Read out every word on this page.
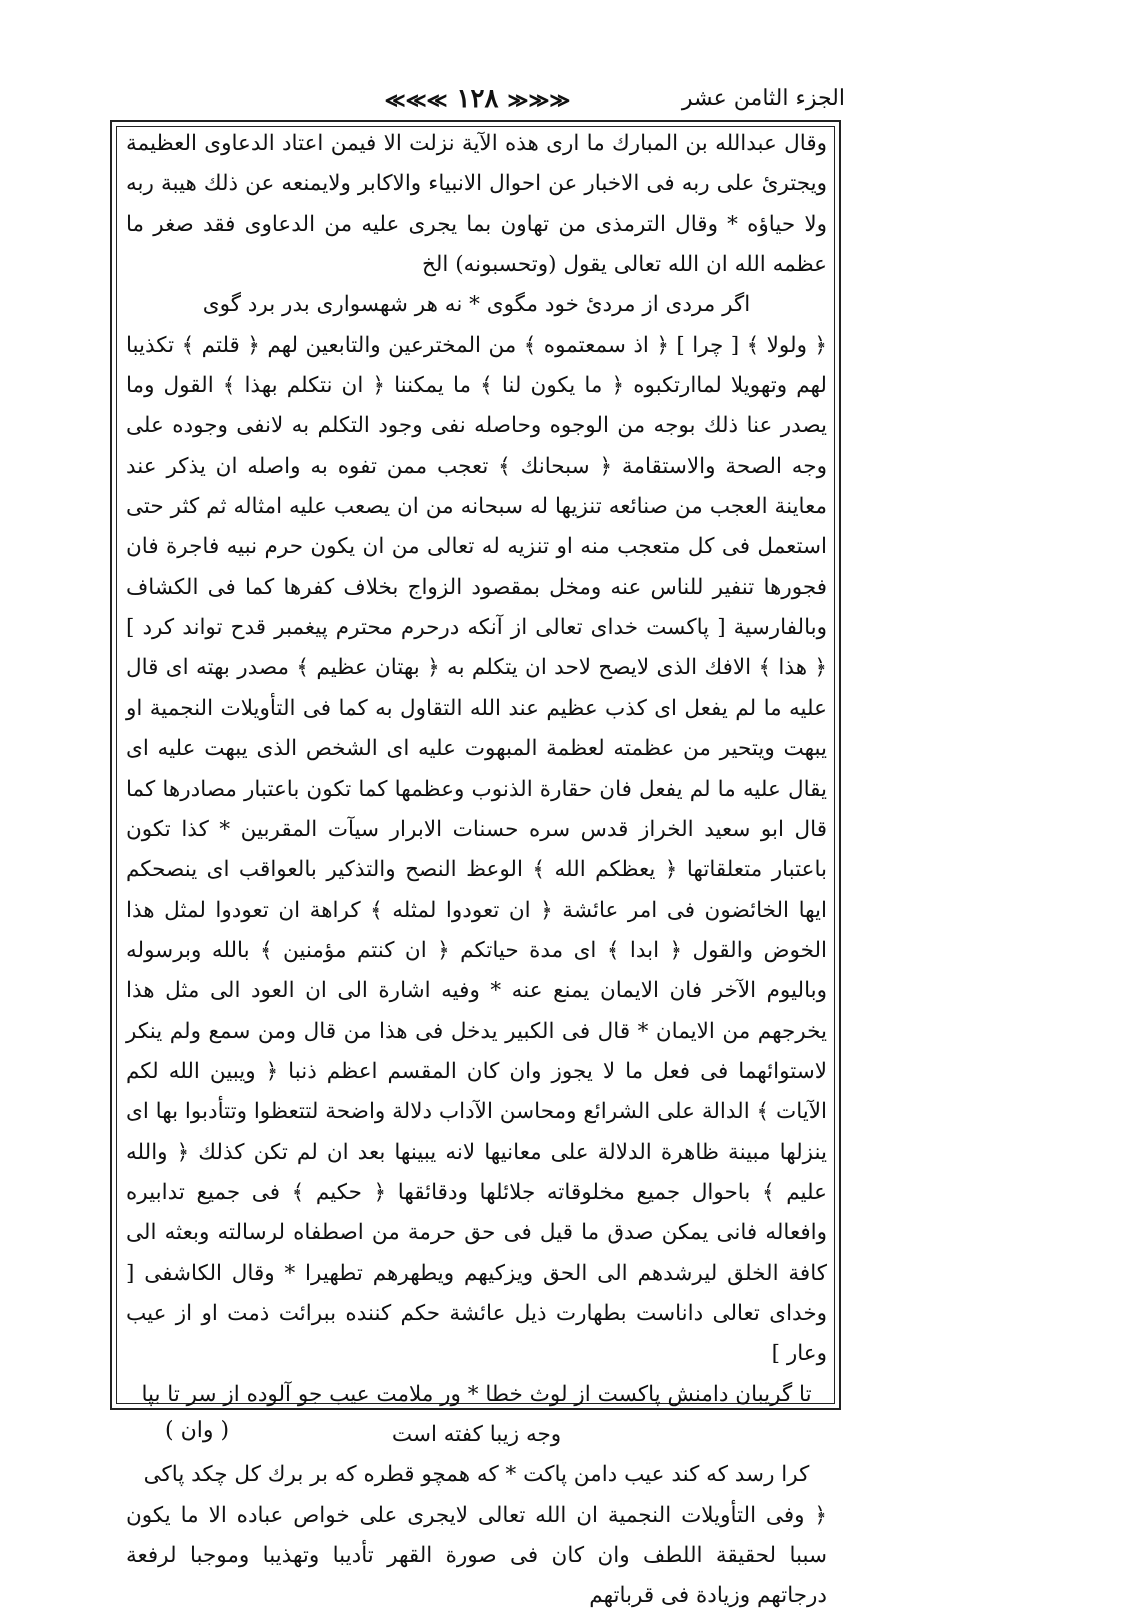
الجزء الثامن عشر
≪≪≪ ١٢٨ ≫≫≫

وقال عبدالله بن المبارك ما ارى هذه الآية نزلت الا فيمن اعتاد الدعاوى العظيمة ويجترئ على ربه فى الاخبار عن احوال الانبياء والاكابر ولايمنعه عن ذلك هيبة ربه ولا حياؤه * وقال الترمذى من تهاون بما يجرى عليه من الدعاوى فقد صغر ما عظمه الله ان الله تعالى يقول (وتحسبونه) الخ

اگر مردى از مردئ خود مگوى * نه هر شهسوارى بدر برد گوى

﴿ ولولا ﴾ [ چرا ] ﴿ اذ سمعتموه ﴾ من المخترعين والتابعين لهم ﴿ قلتم ﴾ تكذيبا لهم وتهويلا لماارتكبوه ﴿ ما يكون لنا ﴾ ما يمكننا ﴿ ان نتكلم بهذا ﴾ القول وما يصدر عنا ذلك بوجه من الوجوه وحاصله نفى وجود التكلم به لانفى وجوده على وجه الصحة والاستقامة ﴿ سبحانك ﴾ تعجب ممن تفوه به واصله ان يذكر عند معاينة العجب من صنائعه تنزيها له سبحانه من ان يصعب عليه امثاله ثم كثر حتى استعمل فى كل متعجب منه او تنزيه له تعالى من ان يكون حرم نبيه فاجرة فان فجورها تنفير للناس عنه ومخل بمقصود الزواج بخلاف كفرها كما فى الكشاف وبالفارسية [ پاكست خداى تعالى از آنكه درحرم محترم پيغمبر قدح تواند كرد ] ﴿ هذا ﴾ الافك الذى لايصح لاحد ان يتكلم به ﴿ بهتان عظيم ﴾ مصدر بهته اى قال عليه ما لم يفعل اى كذب عظيم عند الله التقاول به كما فى التأويلات النجمية او يبهت ويتحير من عظمته لعظمة المبهوت عليه اى الشخص الذى يبهت عليه اى يقال عليه ما لم يفعل فان حقارة الذنوب وعظمها كما تكون باعتبار مصادرها كما قال ابو سعيد الخراز قدس سره حسنات الابرار سيآت المقربين * كذا تكون باعتبار متعلقاتها ﴿ يعظكم الله ﴾ الوعظ النصح والتذكير بالعواقب اى ينصحكم ايها الخائضون فى امر عائشة ﴿ ان تعودوا لمثله ﴾ كراهة ان تعودوا لمثل هذا الخوض والقول ﴿ ابدا ﴾ اى مدة حياتكم ﴿ ان كنتم مؤمنين ﴾ بالله وبرسوله وباليوم الآخر فان الايمان يمنع عنه * وفيه اشارة الى ان العود الى مثل هذا يخرجهم من الايمان * قال فى الكبير يدخل فى هذا من قال ومن سمع ولم ينكر لاستوائهما فى فعل ما لا يجوز وان كان المقسم اعظم ذنبا ﴿ ويبين الله لكم الآيات ﴾ الدالة على الشرائع ومحاسن الآداب دلالة واضحة لتتعظوا وتتأدبوا بها اى ينزلها مبينة ظاهرة الدلالة على معانيها لانه يبينها بعد ان لم تكن كذلك ﴿ والله عليم ﴾ باحوال جميع مخلوقاته جلائلها ودقائقها ﴿ حكيم ﴾ فى جميع تدابيره وافعاله فانى يمكن صدق ما قيل فى حق حرمة من اصطفاه لرسالته وبعثه الى كافة الخلق ليرشدهم الى الحق ويزكيهم ويطهرهم تطهيرا * وقال الكاشفى [ وخداى تعالى داناست بطهارت ذيل عائشة حكم كننده ببرائت ذمت او از عيب وعار ]

تا گريبان دامنش پاكست از لوث خطا * ور ملامت عيب جو آلوده از سر تا بپا

وجه زيبا كفته است

كرا رسد كه كند عيب دامن پاكت * كه همچو قطره كه بر برك كل چكد پاكى

﴿ وفى التأويلات النجمية ان الله تعالى لايجرى على خواص عباده الا ما يكون سببا لحقيقة اللطف وان كان فى صورة القهر تأديبا وتهذيبا وموجبا لرفعة درجاتهم وزيادة فى قرباتهم

( وان )
